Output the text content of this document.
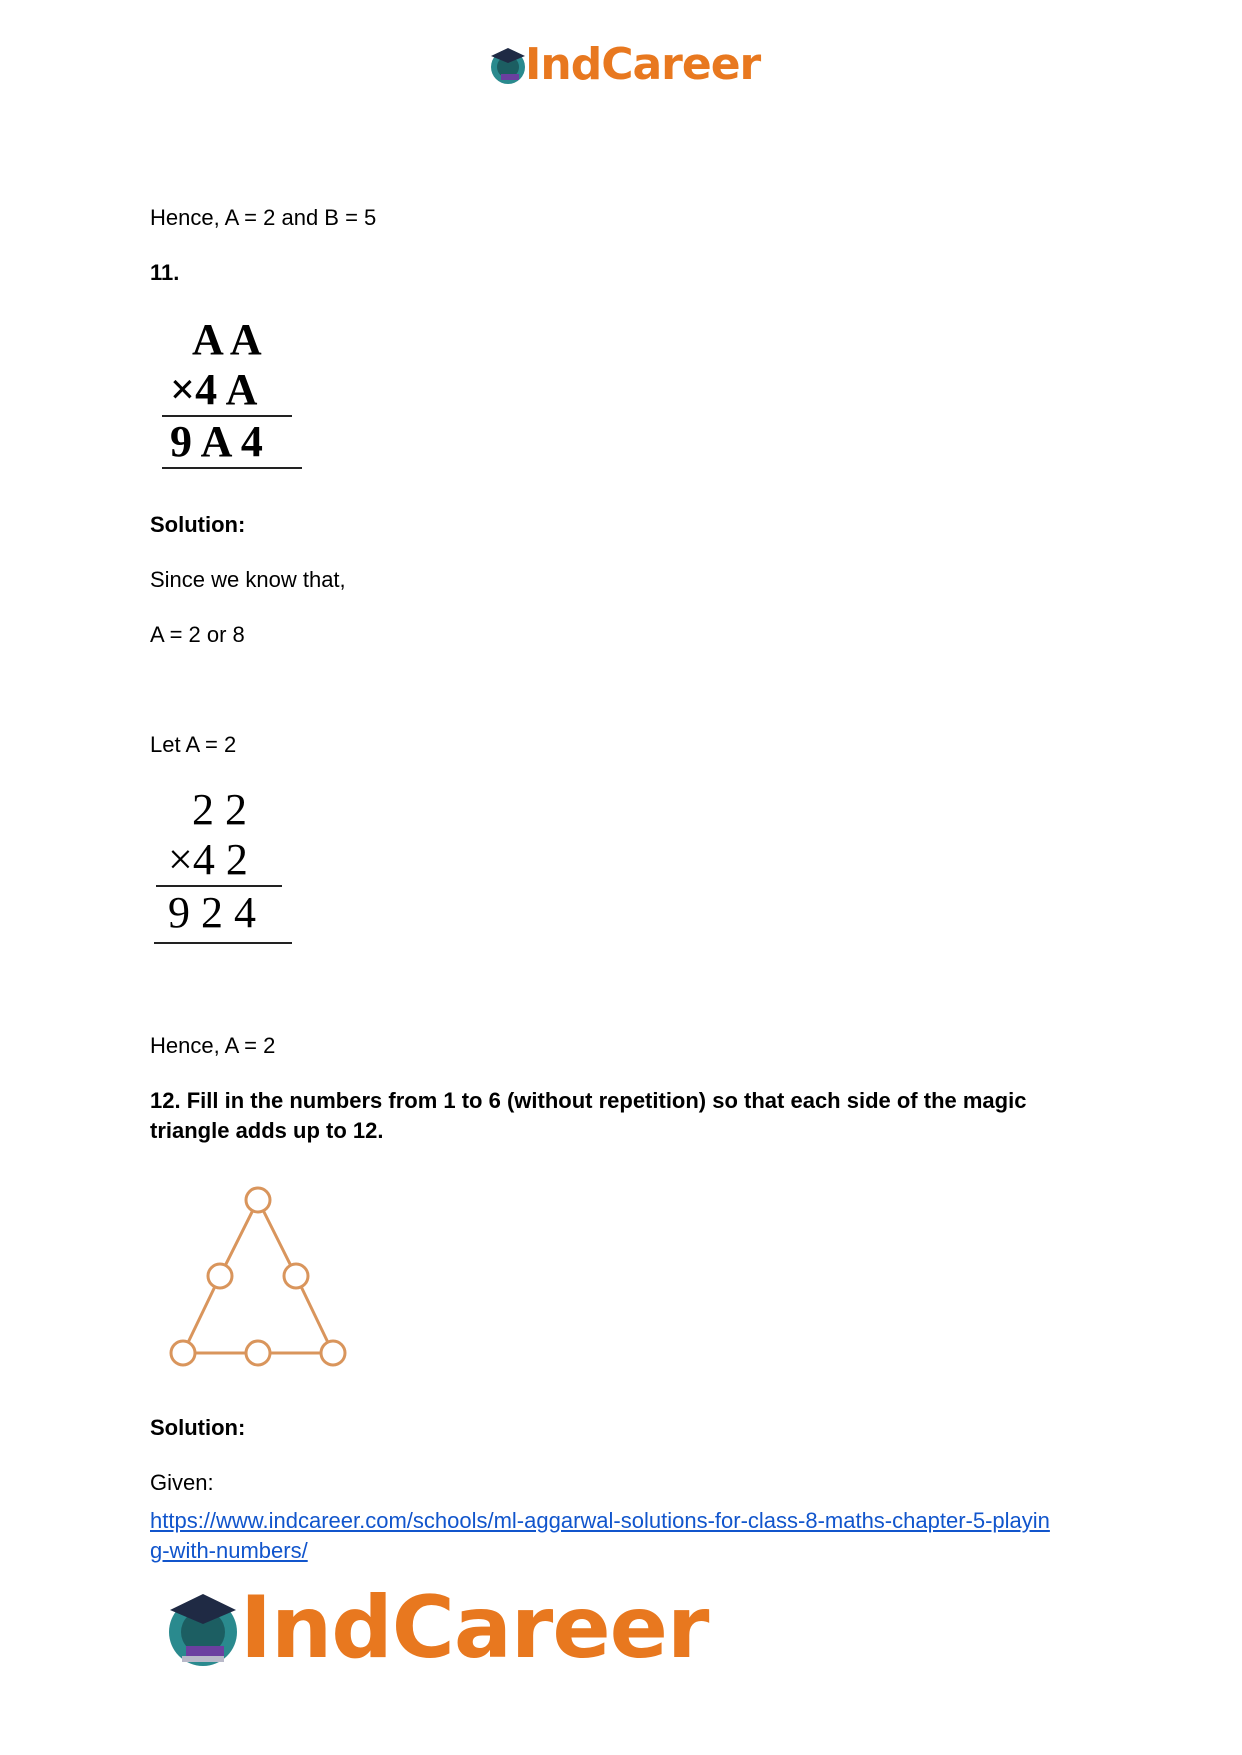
IndCareer
Hence, A = 2 and B = 5
11.
A A
×4 A
9 A 4
Solution:
Since we know that,
A = 2 or 8
Let A = 2
2 2
×4 2
9 2 4
Hence, A = 2
12. Fill in the numbers from 1 to 6 (without repetition) so that each side of the magic
triangle adds up to 12.
Solution:
Given:
https://www.indcareer.com/schools/ml-aggarwal-solutions-for-class-8-maths-chapter-5-playin
g-with-numbers/
IndCareer
